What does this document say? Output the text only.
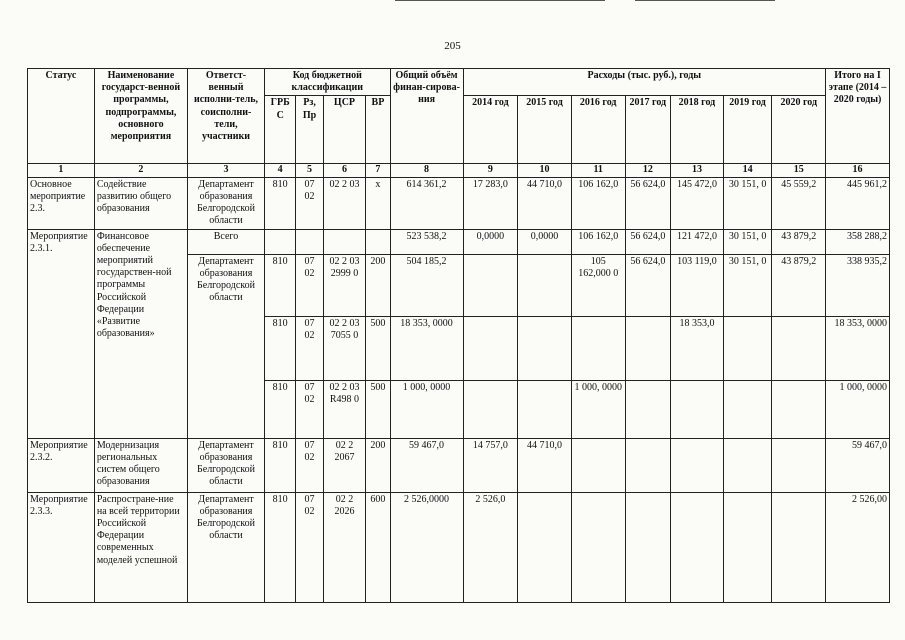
205
Статус	Наименование государст-венной программы, подпрограммы, основного мероприятия	Ответст-венный исполни-тель, соисполни-тели, участники	Код бюджетной классификации				Общий объём финан-сирова-ния	Расходы (тыс. руб.), годы							Итого на I этапе (2014 – 2020 годы)
			ГРБ С	Рз, Пр	ЦСР	ВР		2014 год	2015 год	2016 год	2017 год	2018 год	2019 год	2020 год	
1	2	3	4	5	6	7	8	9	10	11	12	13	14	15	16
Основное мероприятие 2.3.	Содействие развитию общего образования	Департамент образования Белгородской области	810	07 02	02 2 03	х	614 361,2	17 283,0	44 710,0	106 162,0	56 624,0	145 472,0	30 151, 0	45 559,2	445 961,2
Мероприятие 2.3.1.	Финансовое обеспечение мероприятий государствен-ной программы Российской Федерации «Развитие образования»	Всего					523 538,2	0,0000	0,0000	106 162,0	56 624,0	121 472,0	30 151, 0	43 879,2	358 288,2
		Департамент образования Белгородской области	810	07 02	02 2 03 2999 0	200	504 185,2			105 162,000 0	56 624,0	103 119,0	30 151, 0	43 879,2	338 935,2
			810	07 02	02 2 03 7055 0	500	18 353, 0000					18 353,0			18 353, 0000
			810	07 02	02 2 03 R498 0	500	1 000, 0000			1 000, 0000					1 000, 0000
Мероприятие 2.3.2.	Модернизация региональных систем общего образования	Департамент образования Белгородской области	810	07 02	02 2 2067	200	59 467,0	14 757,0	44 710,0						59 467,0
Мероприятие 2.3.3.	Распростране-ние на всей территории Российской Федерации современных моделей успешной	Департамент образования Белгородской области	810	07 02	02 2 2026	600	2 526,0000	2 526,0							2 526,00
